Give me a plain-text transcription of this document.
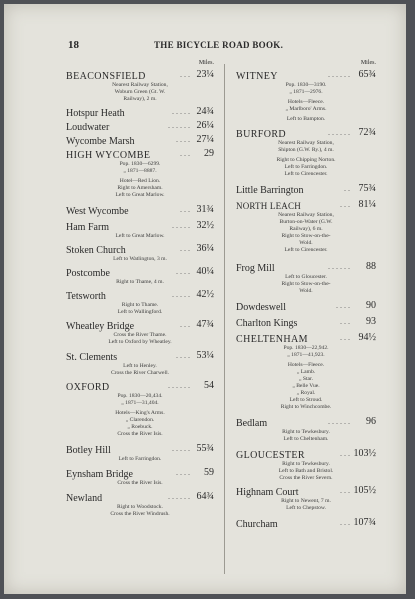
18	THE BICYCLE ROAD BOOK.
Miles.
BEACONSFIELD	. . . 23¼
Nearest Railway Station,
Woburn Green (Gt. W.
Railway), 2 m.
Hotspur Heath	. . . . . 24¾
Loudwater	. . . . . . 26¼
Wycombe Marsh	. . . . 27¼
HIGH WYCOMBE	. . . 29
Pop. 1830—6299.
„ 1871—8887.
Hotel—Red Lion.
Right to Amersham.
Left to Great Marlow.
West Wycombe	. . . 31¾
Ham Farm	. . . . . 32½
Left to Great Marlow.
Stoken Church	. . . 36¼
Left to Watlington, 3 m.
Postcombe	. . . . 40¼
Right to Thame, 4 m.
Tetsworth	. . . . . 42½
Right to Thame.
Left to Wallingford.
Wheatley Bridge	. . . 47¾
Cross the River Thame.
Left to Oxford by Wheatley.
St. Clements	. . . . 53¼
Left to Henley.
Cross the River Charwell.
OXFORD	. . . . . . 54
Pop. 1830—20,434.
„ 1871—31,404.
Hotels—King's Arms.
„ Clarendon.
„ Roebuck.
Cross the River Isis.
Botley Hill	. . . . . 55¾
Left to Farringdon.
Eynsham Bridge	. . . . 59
Cross the River Isis.
Newland	. . . . . . 64¾
Right to Woodstock.
Cross the River Windrush.
Miles.
WITNEY	. . . . . . 65¾
Pop. 1830—3190.
„ 1871—2976.
Hotels—Fleece.
„ Marlboro' Arms.
Left to Bampton.
BURFORD	. . . . . . 72¾
Nearest Railway Station,
Shipton (G.W. Ry.), 4 m.
Right to Chipping Norton.
Left to Farringdon.
Left to Cirencester.
Little Barrington	. . 75¾
NORTH LEACH	. . . 81¼
Nearest Railway Station,
Burton-on-Water (G.W.
Railway), 6 m.
Right to Stow-on-the-
Wold.
Left to Cirencester.
Frog Mill	. . . . . . 88
Left to Gloucester.
Right to Stow-on-the-
Wold.
Dowdeswell	. . . . 90
Charlton Kings	. . . 93
CHELTENHAM	. . . 94½
Pop. 1830—22,942.
„ 1871—41,923.
Hotels—Fleece.
„ Lamb.
„ Star.
„ Belle Vue.
„ Royal.
Left to Stroud.
Right to Winchcombe.
Bedlam	. . . . . . 96
Right to Tewkesbury.
Left to Cheltenham.
GLOUCESTER	. . . 103½
Right to Tewkesbury.
Left to Bath and Bristol.
Cross the River Severn.
Highnam Court	. . . 105½
Right to Newent, 7 m.
Left to Chepstow.
Churcham	. . . 107¾
